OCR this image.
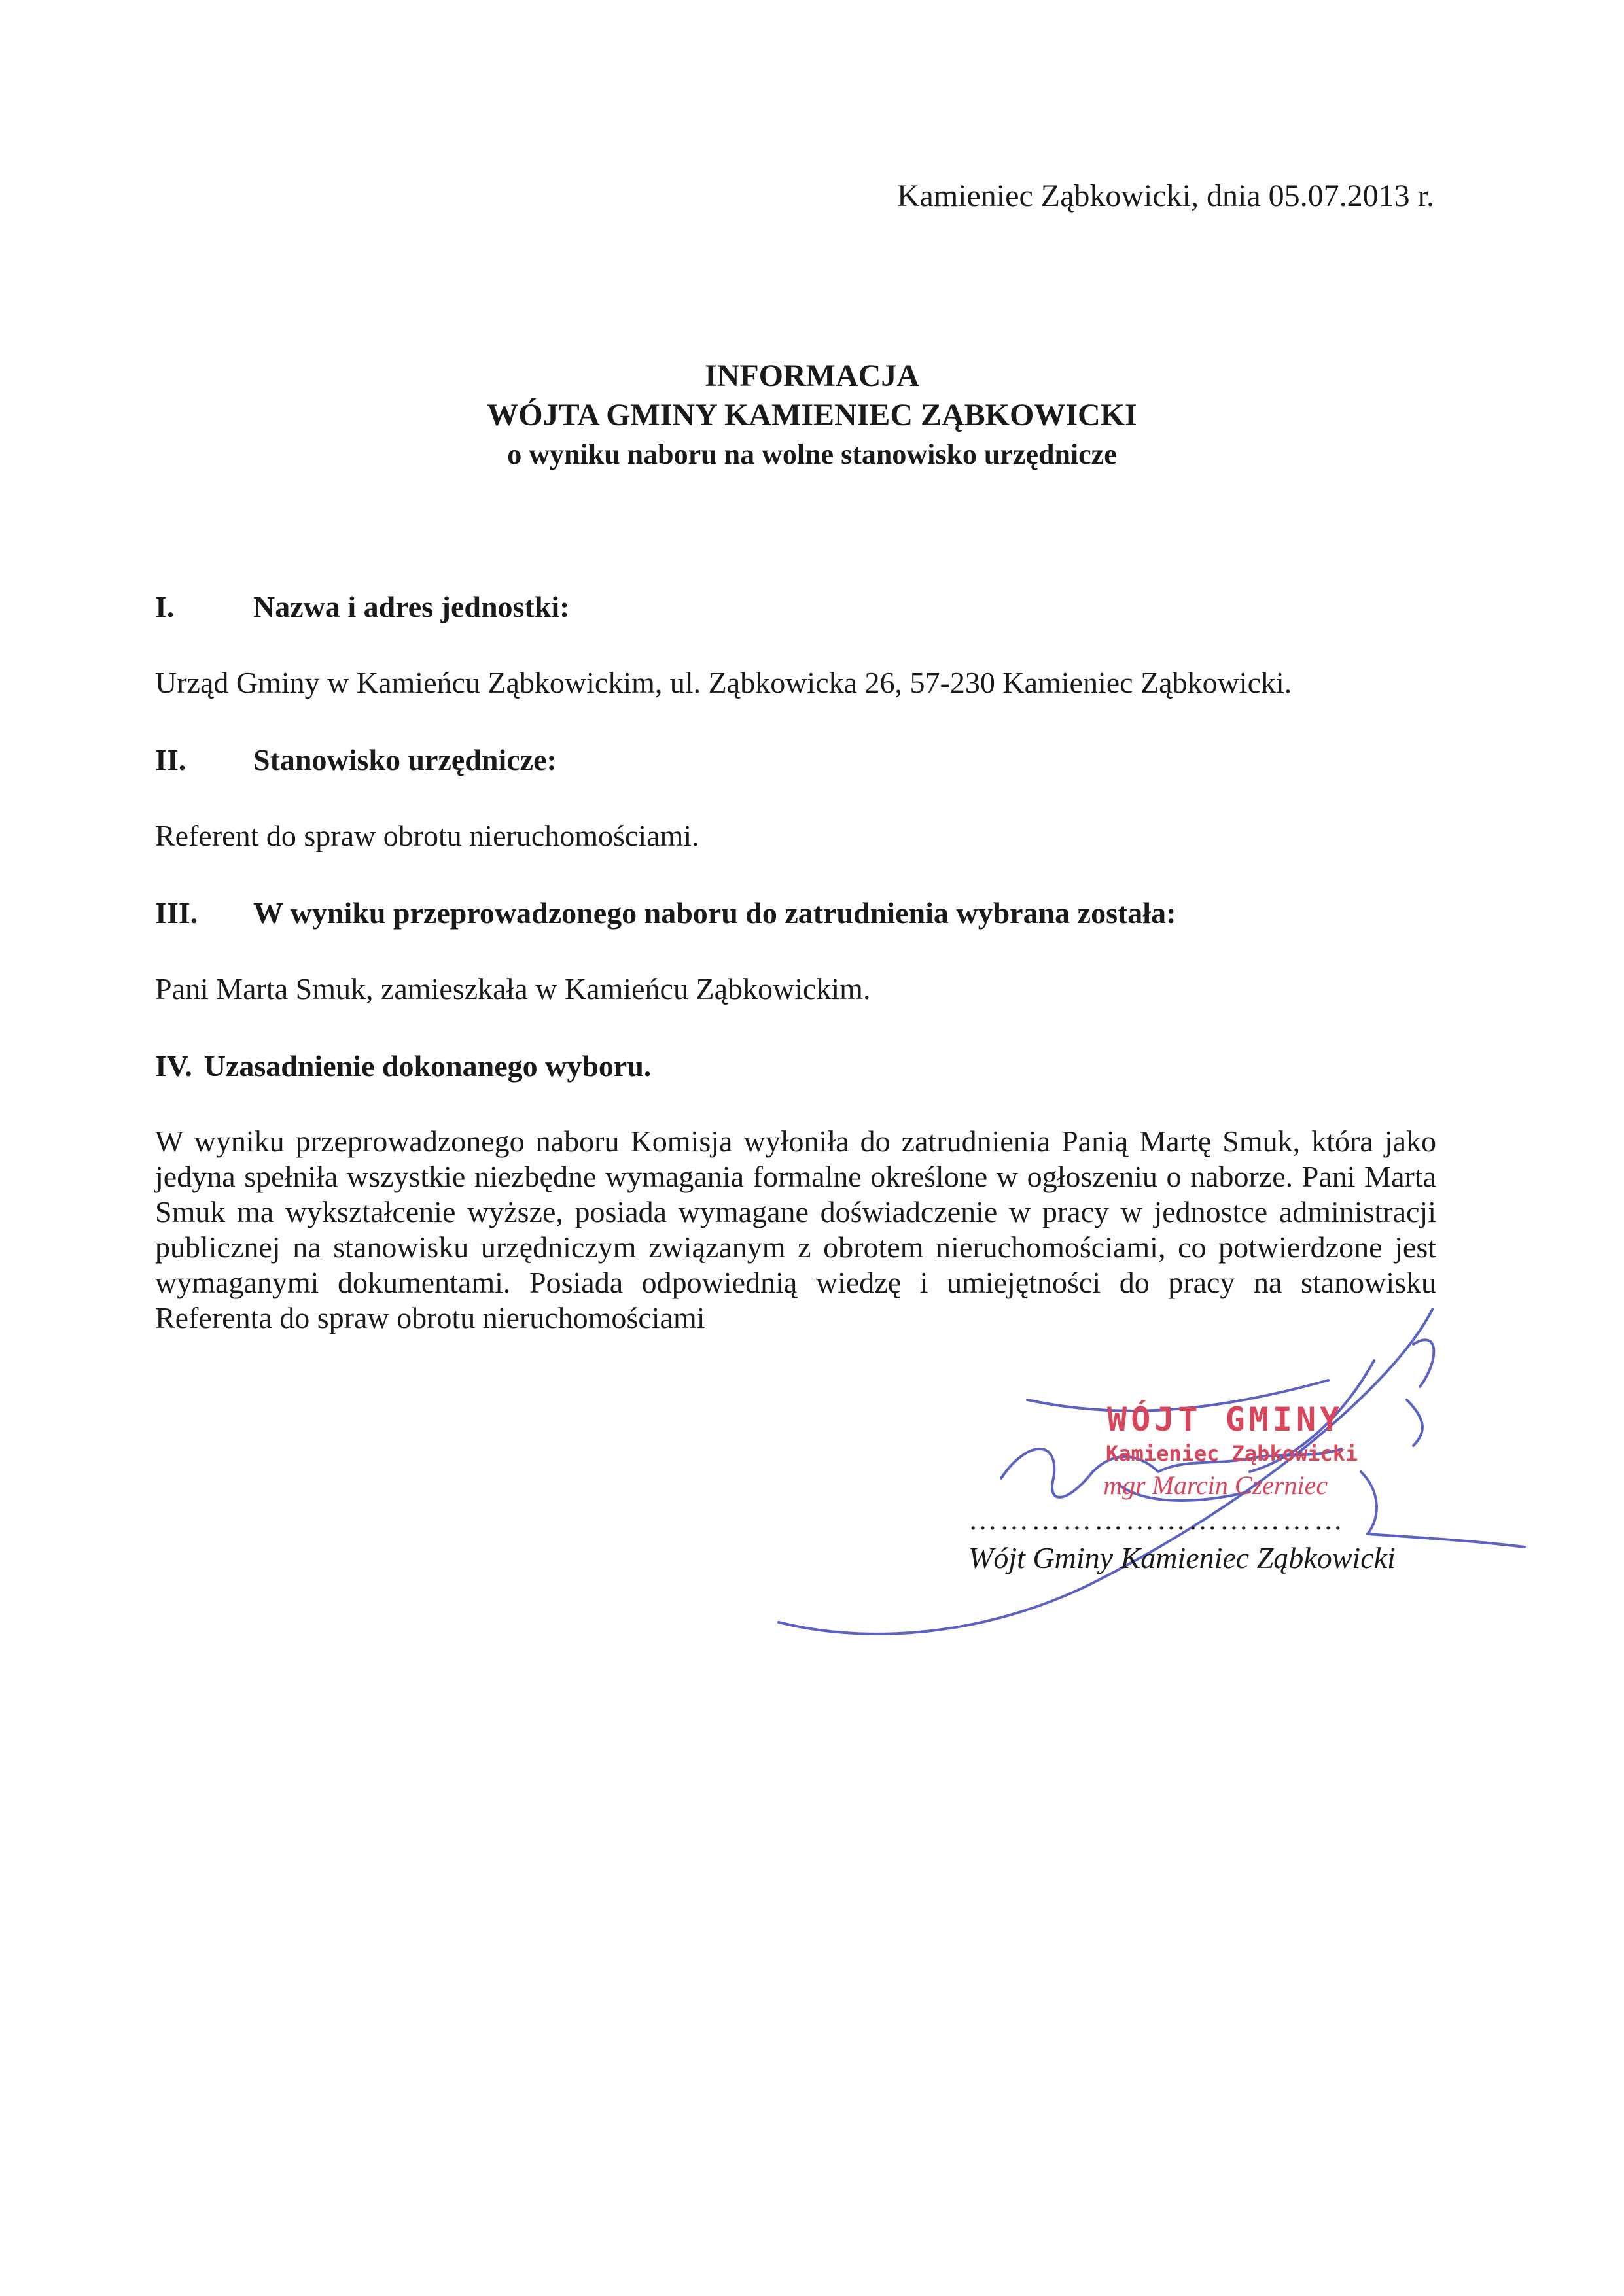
Kamieniec Ząbkowicki, dnia 05.07.2013 r.
INFORMACJA
WÓJTA GMINY KAMIENIEC ZĄBKOWICKI
o wyniku naboru na wolne stanowisko urzędnicze
I.	Nazwa i adres jednostki:

Urząd Gminy w Kamieńcu Ząbkowickim, ul. Ząbkowicka 26, 57-230 Kamieniec Ząbkowicki.

II.	Stanowisko urzędnicze:

Referent do spraw obrotu nieruchomościami.

III.	W wyniku przeprowadzonego naboru do zatrudnienia wybrana została:

Pani Marta Smuk, zamieszkała w Kamieńcu Ząbkowickim.

IV. Uzasadnienie dokonanego wyboru.

W wyniku przeprowadzonego naboru Komisja wyłoniła do zatrudnienia Panią Martę Smuk, która jako jedyna spełniła wszystkie niezbędne wymagania formalne określone w ogłoszeniu o naborze. Pani Marta Smuk ma wykształcenie wyższe, posiada wymagane doświadczenie w pracy w jednostce administracji publicznej na stanowisku urzędniczym związanym z obrotem nieruchomościami, co potwierdzone jest wymaganymi dokumentami. Posiada odpowiednią wiedzę i umiejętności do pracy na stanowisku Referenta do spraw obrotu nieruchomościami

WÓJT GMINY
Kamieniec Ząbkowicki
mgr Marcin Czerniec
………………………………
Wójt Gminy Kamieniec Ząbkowicki
